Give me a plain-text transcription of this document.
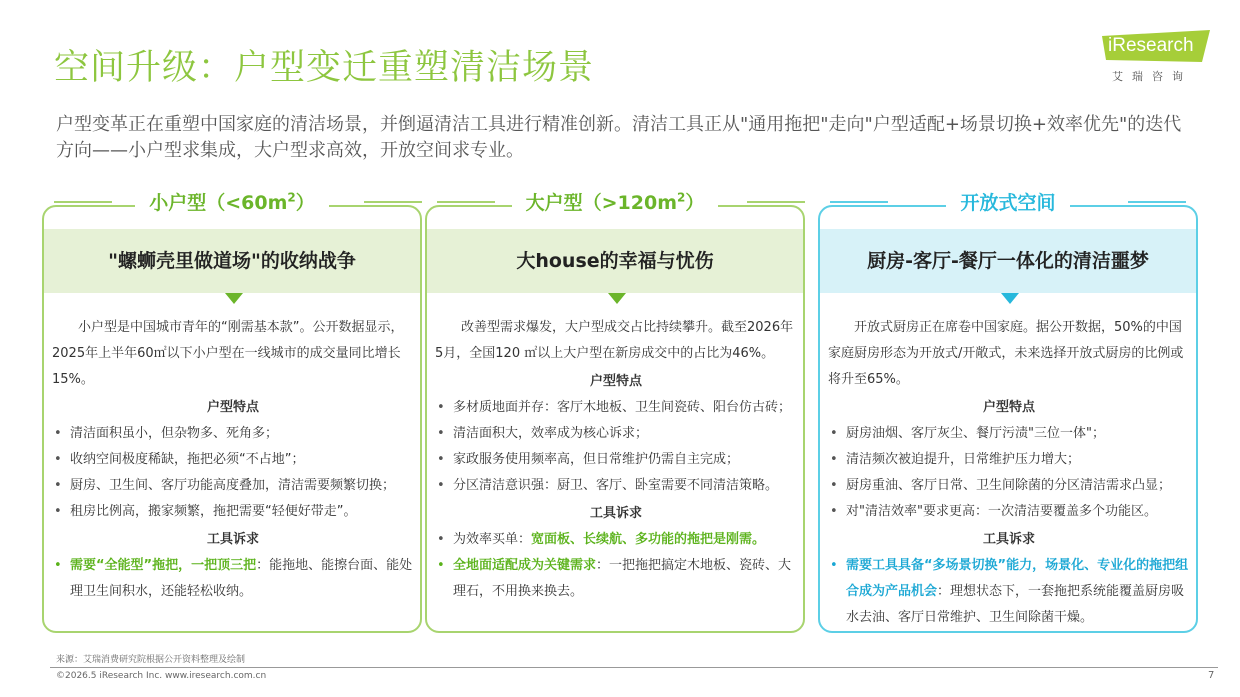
空间升级：户型变迁重塑清洁场景
iResearch
艾瑞咨询
户型变革正在重塑中国家庭的清洁场景，并倒逼清洁工具进行精准创新。清洁工具正从"通用拖把"走向"户型适配+场景切换+效率优先"的迭代方向——小户型求集成，大户型求高效，开放空间求专业。
"螺蛳壳里做道场"的收纳战争
小户型是中国城市青年的“刚需基本款”。公开数据显示， 2025年上半年60㎡以下小户型在一线城市的成交量同比增长15%。
户型特点
• 清洁面积虽小，但杂物多、死角多；
• 收纳空间极度稀缺，拖把必须“不占地”；
• 厨房、卫生间、客厅功能高度叠加，清洁需要频繁切换；
• 租房比例高，搬家频繁，拖把需要“轻便好带走”。
工具诉求
• 需要“全能型”拖把，一把顶三把：能拖地、能擦台面、能处理卫生间积水，还能轻松收纳。
小户型$(<60m^2)$
大house的幸福与忧伤
改善型需求爆发，大户型成交占比持续攀升。截至2026年5月，全国120 ㎡以上大户型在新房成交中的占比为46%。
户型特点
• 多材质地面并存：客厅木地板、卫生间瓷砖、阳台仿古砖；
• 清洁面积大，效率成为核心诉求；
• 家政服务使用频率高，但日常维护仍需自主完成；
• 分区清洁意识强：厨卫、客厅、卧室需要不同清洁策略。
工具诉求
• 为效率买单：宽面板、长续航、多功能的拖把是刚需。
• 全地面适配成为关键需求：一把拖把搞定木地板、瓷砖、大理石，不用换来换去。
大户型$(>120m^2)$
厨房-客厅-餐厅一体化的清洁噩梦
开放式厨房正在席卷中国家庭。据公开数据，50%的中国家庭厨房形态为开放式/开敞式，未来选择开放式厨房的比例或将升至65%。
户型特点
• 厨房油烟、客厅灰尘、餐厅污渍"三位一体"；
• 清洁频次被迫提升，日常维护压力增大；
• 厨房重油、客厅日常、卫生间除菌的分区清洁需求凸显；
• 对"清洁效率"要求更高：一次清洁要覆盖多个功能区。
工具诉求
• 需要工具具备“多场景切换”能力，场景化、专业化的拖把组合成为产品机会：理想状态下，一套拖把系统能覆盖厨房吸水去油、客厅日常维护、卫生间除菌干燥。
开放式空间
来源：艾瑞消费研究院根据公开资料整理及绘制
©2026.5 iResearch Inc. www.iresearch.com.cn	7
